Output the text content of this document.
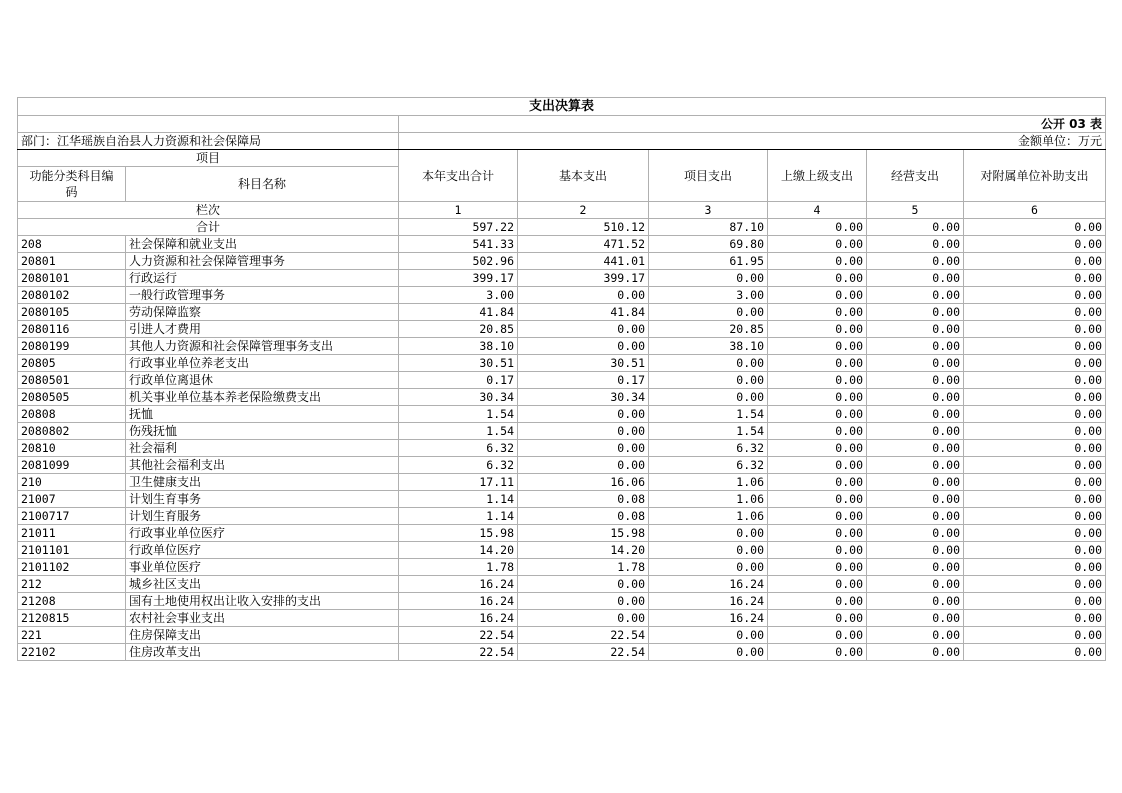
支出决算表							
		公开 03 表					
部门：江华瑶族自治县人力资源和社会保障局		金额单位：万元					
项目		本年支出合计	基本支出	项目支出	上缴上级支出	经营支出	对附属单位补助支出
功能分类科目编码	科目名称						
栏次		1	2	3	4	5	6
合计		597.22	510.12	87.10	0.00	0.00	0.00
208	社会保障和就业支出	541.33	471.52	69.80	0.00	0.00	0.00
20801	人力资源和社会保障管理事务	502.96	441.01	61.95	0.00	0.00	0.00
2080101	行政运行	399.17	399.17	0.00	0.00	0.00	0.00
2080102	一般行政管理事务	3.00	0.00	3.00	0.00	0.00	0.00
2080105	劳动保障监察	41.84	41.84	0.00	0.00	0.00	0.00
2080116	引进人才费用	20.85	0.00	20.85	0.00	0.00	0.00
2080199	其他人力资源和社会保障管理事务支出	38.10	0.00	38.10	0.00	0.00	0.00
20805	行政事业单位养老支出	30.51	30.51	0.00	0.00	0.00	0.00
2080501	行政单位离退休	0.17	0.17	0.00	0.00	0.00	0.00
2080505	机关事业单位基本养老保险缴费支出	30.34	30.34	0.00	0.00	0.00	0.00
20808	抚恤	1.54	0.00	1.54	0.00	0.00	0.00
2080802	伤残抚恤	1.54	0.00	1.54	0.00	0.00	0.00
20810	社会福利	6.32	0.00	6.32	0.00	0.00	0.00
2081099	其他社会福利支出	6.32	0.00	6.32	0.00	0.00	0.00
210	卫生健康支出	17.11	16.06	1.06	0.00	0.00	0.00
21007	计划生育事务	1.14	0.08	1.06	0.00	0.00	0.00
2100717	计划生育服务	1.14	0.08	1.06	0.00	0.00	0.00
21011	行政事业单位医疗	15.98	15.98	0.00	0.00	0.00	0.00
2101101	行政单位医疗	14.20	14.20	0.00	0.00	0.00	0.00
2101102	事业单位医疗	1.78	1.78	0.00	0.00	0.00	0.00
212	城乡社区支出	16.24	0.00	16.24	0.00	0.00	0.00
21208	国有土地使用权出让收入安排的支出	16.24	0.00	16.24	0.00	0.00	0.00
2120815	农村社会事业支出	16.24	0.00	16.24	0.00	0.00	0.00
221	住房保障支出	22.54	22.54	0.00	0.00	0.00	0.00
22102	住房改革支出	22.54	22.54	0.00	0.00	0.00	0.00
